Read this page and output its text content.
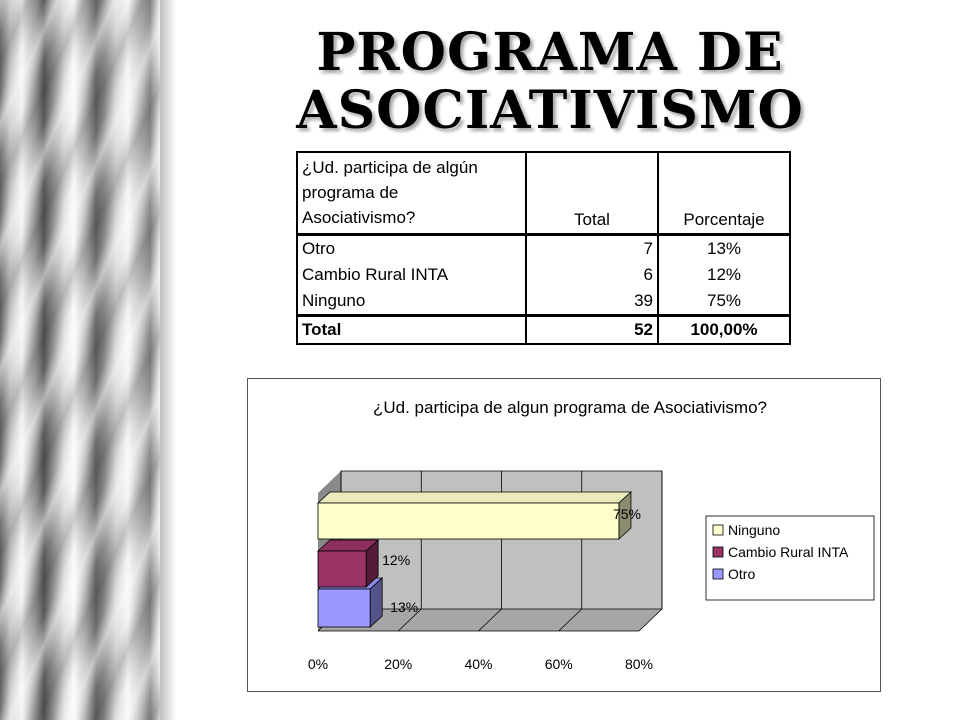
PROGRAMA DE
ASOCIATIVISMO
¿Ud. participa de algún
programa de
Asociativismo?	Total	Porcentaje
Otro	7	13%
Cambio Rural INTA	6	12%
Ninguno	39	75%
Total	52	100,00%
¿Ud. participa de algun programa de Asociativismo?
13%
12%
75%
0%	20%	40%	60%	80%
Ninguno
Cambio Rural INTA
Otro
